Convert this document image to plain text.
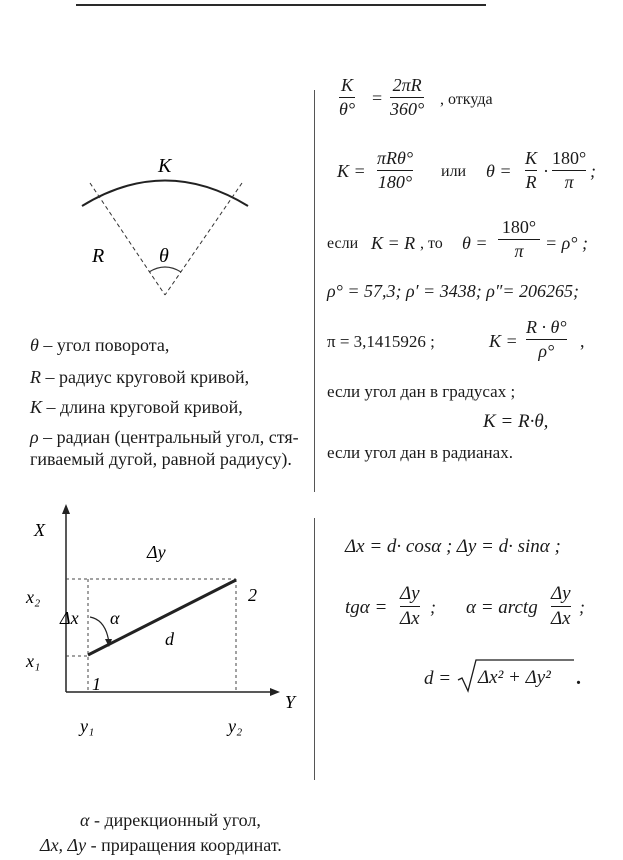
K
R	θ
θ – угол поворота,
R – радиус круговой кривой,
K – длина круговой кривой,
ρ – радиан (центральный угол, стя-
гиваемый дугой, равной радиусу).
K
θ°
=
2πR
360° , откуда
K =
πRθ°
180°
или θ =
K
R
·
180°
π
;
если K = R , то θ =
180°
π = ρ° ;
ρ° = 57,3; ρ′ = 3438; ρ″= 206265;
π = 3,1415926 ;	K =
R · θ°
ρ° ,
если угол дан в градусах ;
K = R·θ,
если угол дан в радианах.
X
Y
Δy
Δx α
d
x₂
x₁
1
2
y₁	y₂
Δx = d· cosα ; Δy = d· sinα ;
tgα =
Δy
Δx
; α = arctg
Δy
Δx
;
d = Δx² + Δy² .
α - дирекционный угол,
Δx, Δy - приращения координат.
